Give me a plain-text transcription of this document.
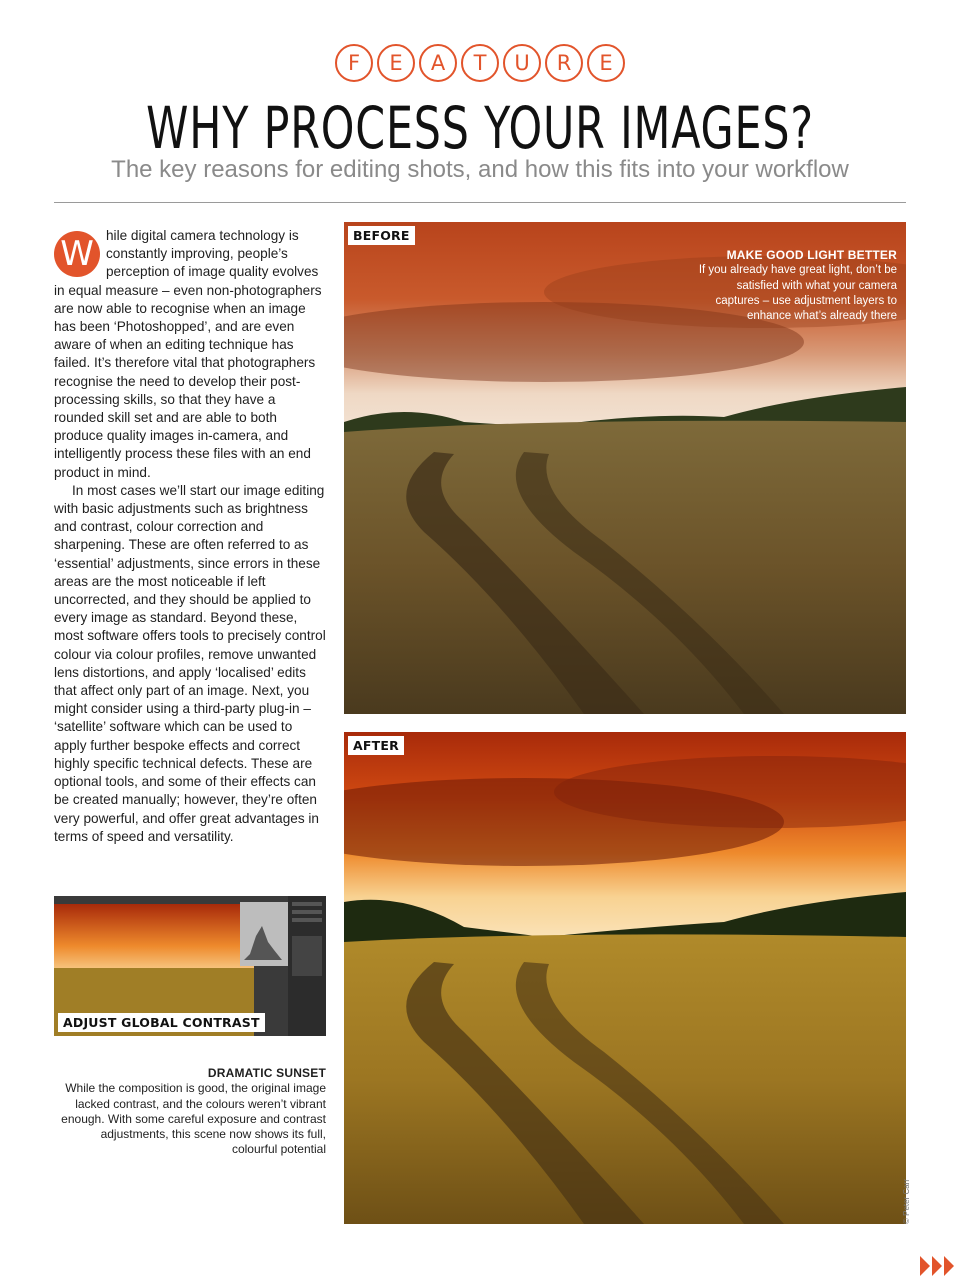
F	E	A	T	U	R	E
WHY PROCESS YOUR IMAGES?
The key reasons for editing shots, and how this fits into your workflow

W hile digital camera technology is constantly improving, people’s perception of image quality evolves in equal measure – even non-photographers are now able to recognise when an image has been ‘Photoshopped’, and are even aware of when an editing technique has failed. It’s therefore vital that photographers recognise the need to develop their post-processing skills, so that they have a rounded skill set and are able to both produce quality images in-camera, and intelligently process these files with an end product in mind.

In most cases we’ll start our image editing with basic adjustments such as brightness and contrast, colour correction and sharpening. These are often referred to as ‘essential’ adjustments, since errors in these areas are the most noticeable if left uncorrected, and they should be applied to every image as standard. Beyond these, most software offers tools to precisely control colour via colour profiles, remove unwanted lens distortions, and apply ‘localised’ edits that affect only part of an image. Next, you might consider using a third-party plug-in – ‘satellite’ software which can be used to apply further bespoke effects and correct highly specific technical defects. These are optional tools, and some of their effects can be created manually; however, they’re often very powerful, and offer great advantages in terms of speed and versatility.

BEFORE
MAKE GOOD LIGHT BETTER
If you already have great light, don’t be satisfied with what your camera captures – use adjustment layers to enhance what’s already there
AFTER
ADJUST GLOBAL CONTRAST
DRAMATIC SUNSET
While the composition is good, the original image lacked contrast, and the colours weren’t vibrant enough. With some careful exposure and contrast adjustments, this scene now shows its full, colourful potential
© Peter Carr
